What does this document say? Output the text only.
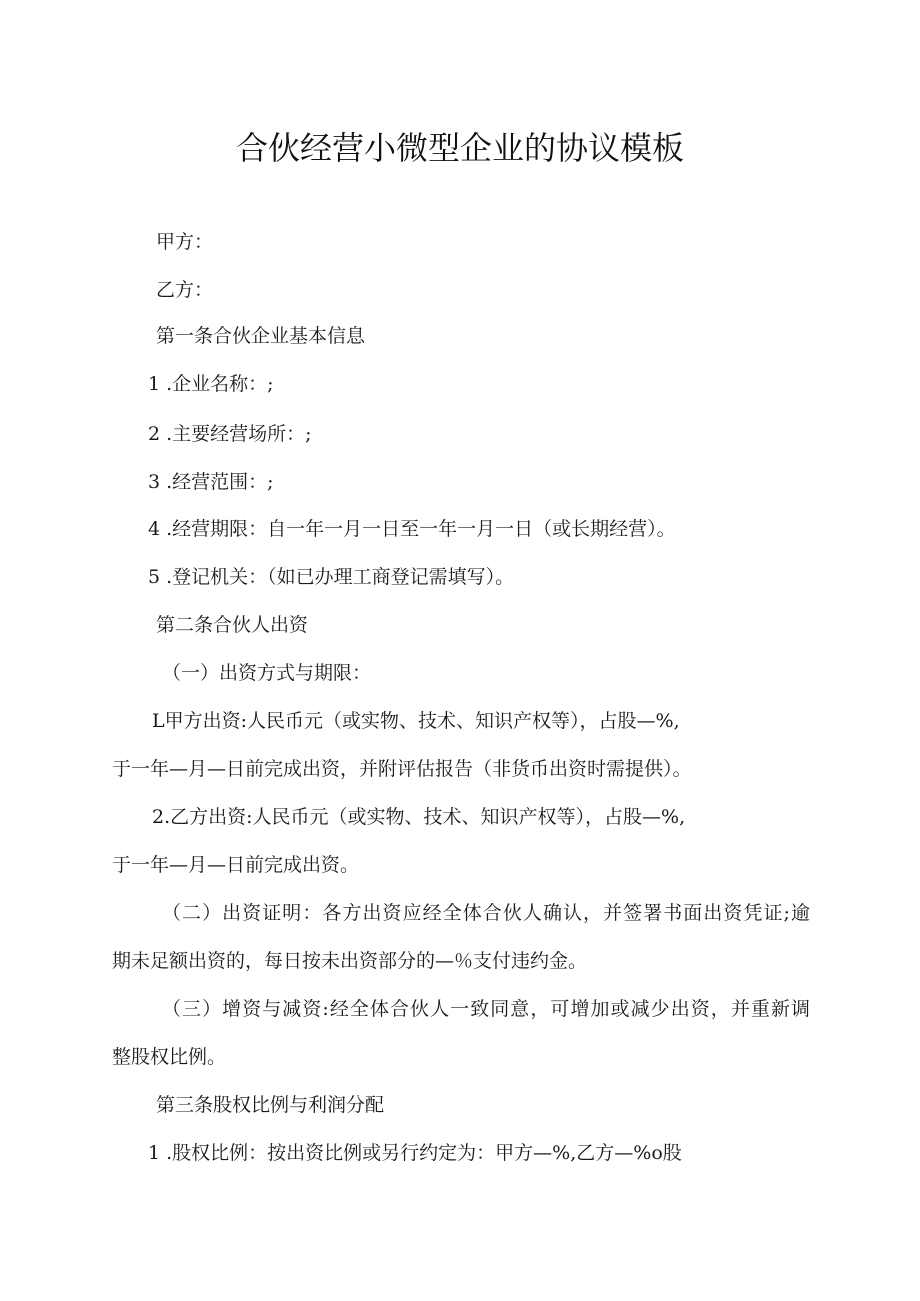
合伙经营小微型企业的协议模板
甲方：
乙方：
第一条合伙企业基本信息
1 .企业名称：;
2 .主要经营场所：;
3 .经营范围：;
4 .经营期限：自一年一月一日至一年一月一日（或长期经营）。
5 .登记机关：（如已办理工商登记需填写）。
第二条合伙人出资
（一）出资方式与期限：
L甲方出资:人民币元（或实物、技术、知识产权等），占股—%,
于一年—月—日前完成出资，并附评估报告（非货币出资时需提供）。
2.乙方出资:人民币元（或实物、技术、知识产权等），占股—%,
于一年—月—日前完成出资。
（二）出资证明：各方出资应经全体合伙人确认，并签署书面出资凭证;逾
期未足额出资的，每日按未出资部分的—％支付违约金。
（三）增资与减资:经全体合伙人一致同意，可增加或减少出资，并重新调
整股权比例。
第三条股权比例与利润分配
1 .股权比例：按出资比例或另行约定为：甲方—%,乙方—%o股
